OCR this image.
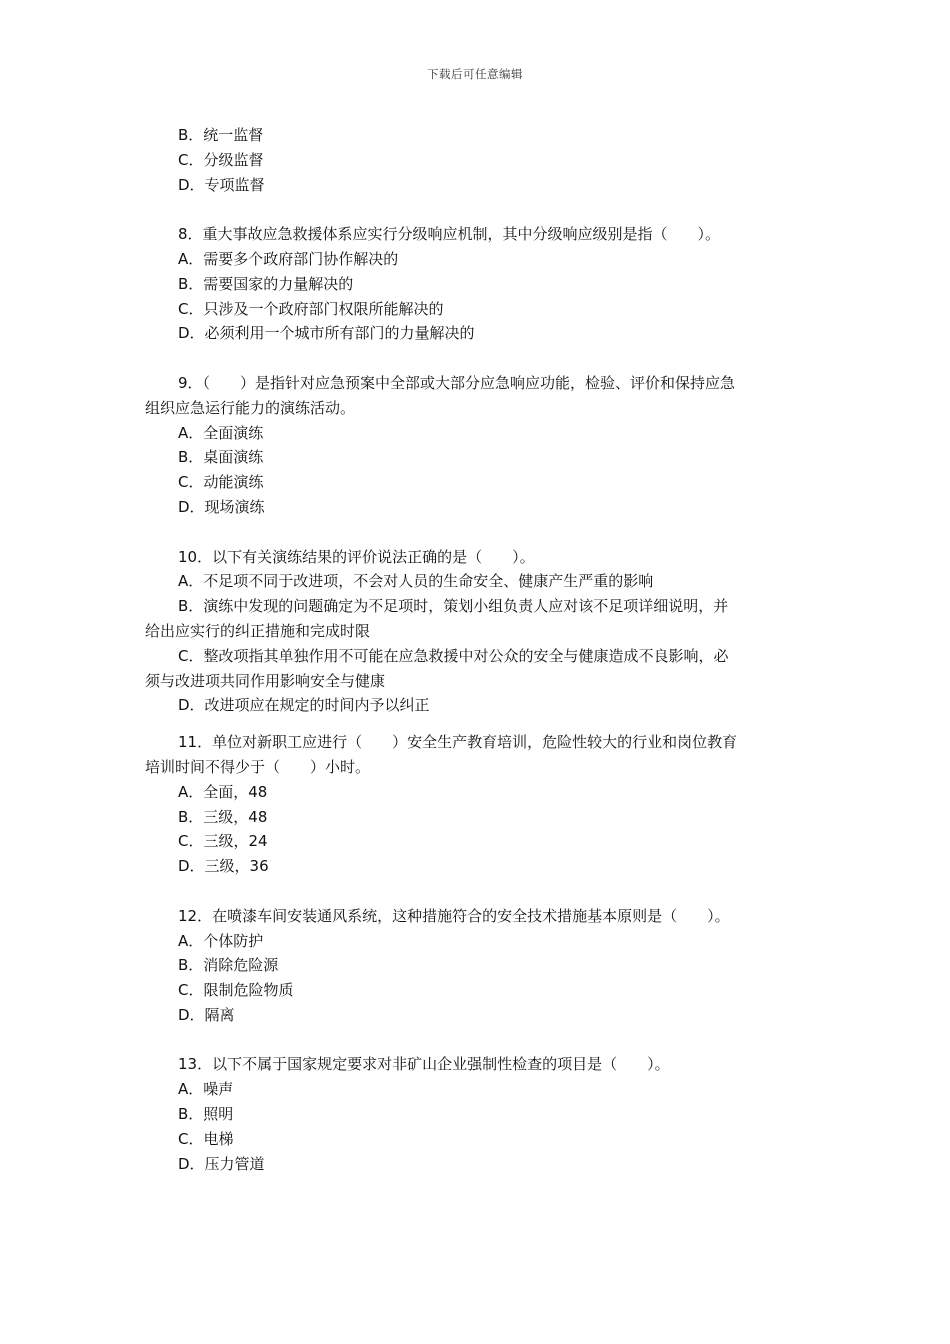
下载后可任意编辑

B．统一监督

C．分级监督

D．专项监督

8．重大事故应急救援体系应实行分级响应机制，其中分级响应级别是指（　　）。

A．需要多个政府部门协作解决的

B．需要国家的力量解决的

C．只涉及一个政府部门权限所能解决的

D．必须利用一个城市所有部门的力量解决的

9．（　　）是指针对应急预案中全部或大部分应急响应功能，检验、评价和保持应急

组织应急运行能力的演练活动。

A．全面演练

B．桌面演练

C．动能演练

D．现场演练

10．以下有关演练结果的评价说法正确的是（　　）。

A．不足项不同于改进项，不会对人员的生命安全、健康产生严重的影响

B．演练中发现的问题确定为不足项时，策划小组负责人应对该不足项详细说明，并

给出应实行的纠正措施和完成时限

C．整改项指其单独作用不可能在应急救援中对公众的安全与健康造成不良影响，必

须与改进项共同作用影响安全与健康

D．改进项应在规定的时间内予以纠正

11．单位对新职工应进行（　　）安全生产教育培训，危险性较大的行业和岗位教育

培训时间不得少于（　　）小时。

A．全面，48

B．三级，48

C．三级，24

D．三级，36

12．在喷漆车间安装通风系统，这种措施符合的安全技术措施基本原则是（　　）。

A．个体防护

B．消除危险源

C．限制危险物质

D．隔离

13．以下不属于国家规定要求对非矿山企业强制性检查的项目是（　　）。

A．噪声

B．照明

C．电梯

D．压力管道
